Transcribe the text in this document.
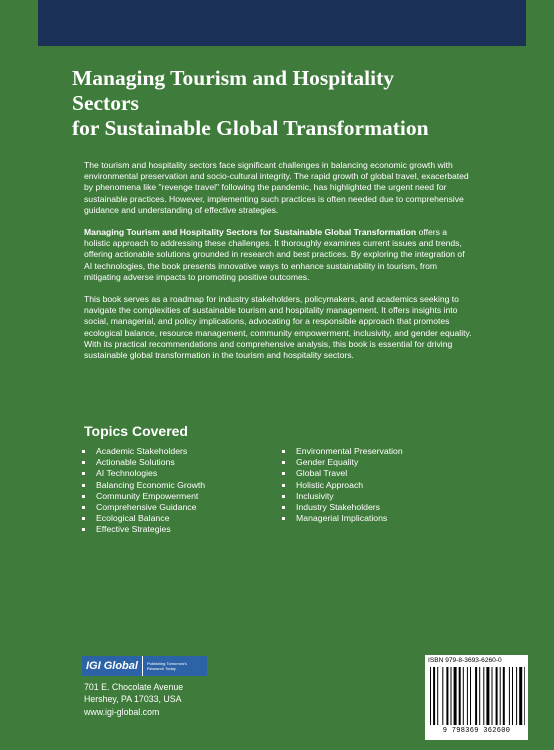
Managing Tourism and Hospitality
Sectors
for Sustainable Global Transformation

The tourism and hospitality sectors face significant challenges in balancing economic growth with environmental preservation and socio-cultural integrity. The rapid growth of global travel, exacerbated by phenomena like "revenge travel" following the pandemic, has highlighted the urgent need for sustainable practices. However, implementing such practices is often needed due to comprehensive guidance and understanding of effective strategies.

Managing Tourism and Hospitality Sectors for Sustainable Global Transformation offers a holistic approach to addressing these challenges. It thoroughly examines current issues and trends, offering actionable solutions grounded in research and best practices. By exploring the integration of AI technologies, the book presents innovative ways to enhance sustainability in tourism, from mitigating adverse impacts to promoting positive outcomes.

This book serves as a roadmap for industry stakeholders, policymakers, and academics seeking to navigate the complexities of sustainable tourism and hospitality management. It offers insights into social, managerial, and policy implications, advocating for a responsible approach that promotes ecological balance, resource management, community empowerment, inclusivity, and gender equality. With its practical recommendations and comprehensive analysis, this book is essential for driving sustainable global transformation in the tourism and hospitality sectors.

Topics Covered
Academic Stakeholders
Actionable Solutions
AI Technologies
Balancing Economic Growth
Community Empowerment
Comprehensive Guidance
Ecological Balance
Effective Strategies
Environmental Preservation
Gender Equality
Global Travel
Holistic Approach
Inclusivity
Industry Stakeholders
Managerial Implications
IGI Global	Publishing Tomorrow's Research Today
701 E. Chocolate Avenue
Hershey, PA 17033, USA
www.igi-global.com
ISBN 979-8-3693-6260-0
9 798369 362600
